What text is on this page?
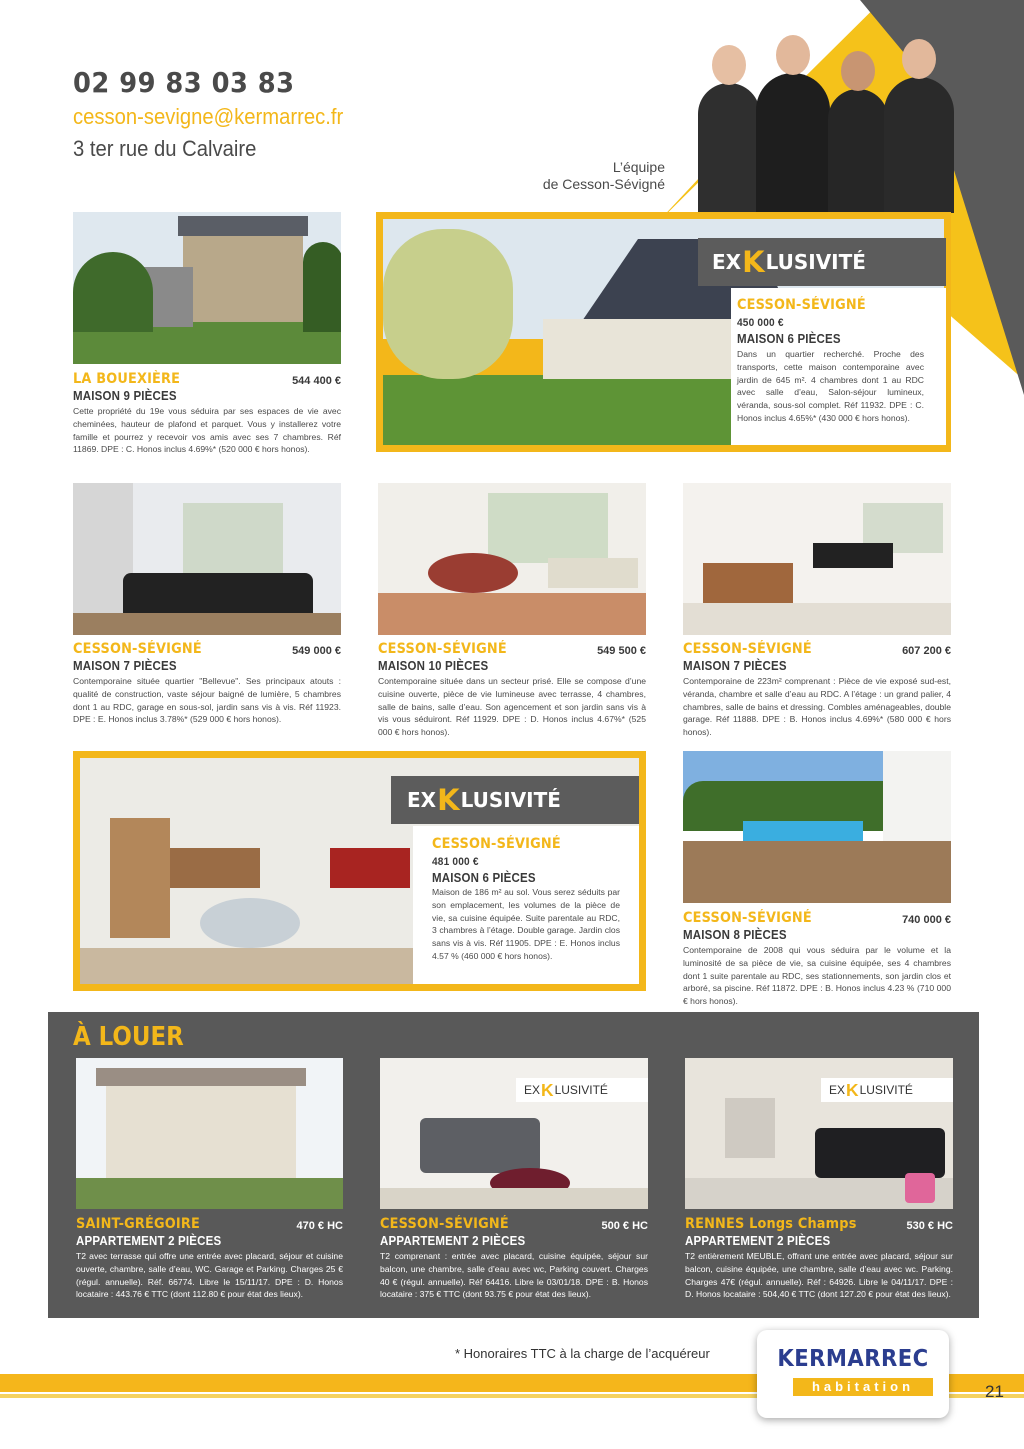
02 99 83 03 83
cesson-sevigne@kermarrec.fr
3 ter rue du Calvaire
L’équipe
de Cesson-Sévigné
LA BOUEXIÈRE	544 400 €
MAISON 9 PIÈCES
Cette propriété du 19e vous séduira par ses espaces de vie avec cheminées, hauteur de plafond et parquet. Vous y installerez votre famille et pourrez y recevoir vos amis avec ses 7 chambres. Réf 11869. DPE : C. Honos inclus 4.69%* (520 000 € hors honos).
EX K LUSIVITÉ
CESSON-SÉVIGNÉ
450 000 €
MAISON 6 PIÈCES
Dans un quartier recherché. Proche des transports, cette maison contemporaine avec jardin de 645 m². 4 chambres dont 1 au RDC avec salle d’eau, Salon-séjour lumineux, véranda, sous-sol complet. Réf 11932. DPE : C. Honos inclus 4.65%* (430 000 € hors honos).
CESSON-SÉVIGNÉ	549 000 €
MAISON 7 PIÈCES
Contemporaine située quartier "Bellevue". Ses principaux atouts : qualité de construction, vaste séjour baigné de lumière, 5 chambres dont 1 au RDC, garage en sous-sol, jardin sans vis à vis. Réf 11923. DPE : E. Honos inclus 3.78%* (529 000 € hors honos).
CESSON-SÉVIGNÉ	549 500 €
MAISON 10 PIÈCES
Contemporaine située dans un secteur prisé. Elle se compose d’une cuisine ouverte, pièce de vie lumineuse avec terrasse, 4 chambres, salle de bains, salle d’eau. Son agencement et son jardin sans vis à vis vous séduiront. Réf 11929. DPE : D. Honos inclus 4.67%* (525 000 € hors honos).
CESSON-SÉVIGNÉ	607 200 €
MAISON 7 PIÈCES
Contemporaine de 223m² comprenant : Pièce de vie exposé sud-est, véranda, chambre et salle d’eau au RDC. A l’étage : un grand palier, 4 chambres, salle de bains et dressing. Combles aménageables, double garage. Réf 11888. DPE : B. Honos inclus 4.69%* (580 000 € hors honos).
EX K LUSIVITÉ
CESSON-SÉVIGNÉ
481 000 €
MAISON 6 PIÈCES
Maison de 186 m² au sol. Vous serez séduits par son emplacement, les volumes de la pièce de vie, sa cuisine équipée. Suite parentale au RDC, 3 chambres à l’étage. Double garage. Jardin clos sans vis à vis. Réf 11905. DPE : E. Honos inclus 4.57 % (460 000 € hors honos).
CESSON-SÉVIGNÉ	740 000 €
MAISON 8 PIÈCES
Contemporaine de 2008 qui vous séduira par le volume et la luminosité de sa pièce de vie, sa cuisine équipée, ses 4 chambres dont 1 suite parentale au RDC, ses stationnements, son jardin clos et arboré, sa piscine. Réf 11872. DPE : B. Honos inclus 4.23 % (710 000 € hors honos).
À LOUER
SAINT-GRÉGOIRE	470 € HC
APPARTEMENT 2 PIÈCES
T2 avec terrasse qui offre une entrée avec placard, séjour et cuisine ouverte, chambre, salle d’eau, WC. Garage et Parking. Charges 25 € (régul. annuelle). Réf. 66774. Libre le 15/11/17. DPE : D. Honos locataire : 443.76 € TTC (dont 112.80 € pour état des lieux).
EX K LUSIVITÉ
CESSON-SÉVIGNÉ	500 € HC
APPARTEMENT 2 PIÈCES
T2 comprenant : entrée avec placard, cuisine équipée, séjour sur balcon, une chambre, salle d’eau avec wc, Parking couvert. Charges 40 € (régul. annuelle). Réf 64416. Libre le 03/01/18. DPE : B. Honos locataire : 375 € TTC (dont 93.75 € pour état des lieux).
EX K LUSIVITÉ
RENNES Longs Champs	530 € HC
APPARTEMENT 2 PIÈCES
T2 entièrement MEUBLE, offrant une entrée avec placard, séjour sur balcon, cuisine équipée, une chambre, salle d’eau avec wc. Parking. Charges 47€ (régul. annuelle). Réf : 64926. Libre le 04/11/17. DPE : D. Honos locataire : 504,40 € TTC (dont 127.20 € pour état des lieux).
* Honoraires TTC à la charge de l’acquéreur	KERMARREC
habitation	21
